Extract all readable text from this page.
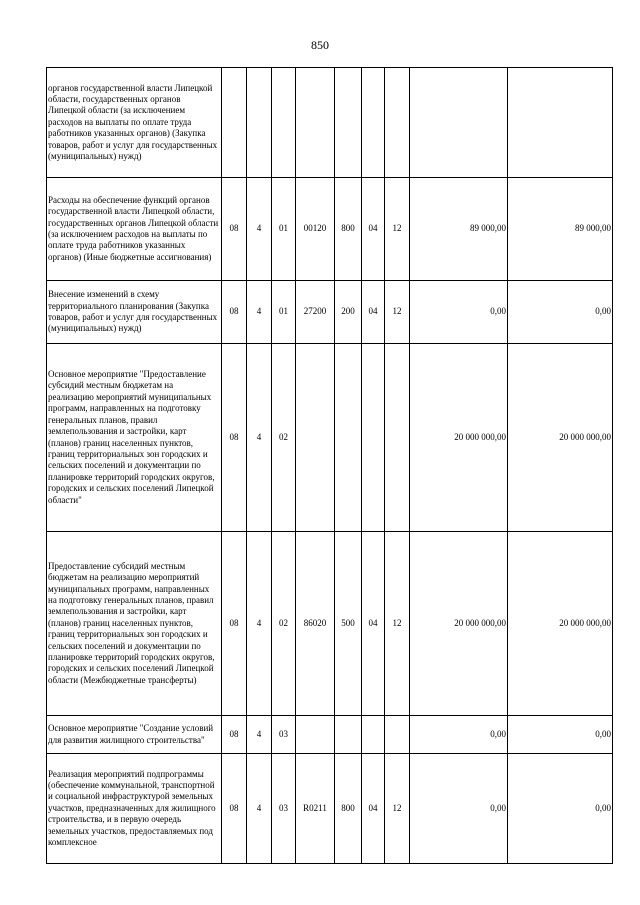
850
органов государственной власти Липецкой области, государственных органов Липецкой области (за исключением расходов на выплаты по оплате труда работников указанных органов) (Закупка товаров, работ и услуг для государственных (муниципальных) нужд)									
Расходы на обеспечение функций органов государственной власти Липецкой области, государственных органов Липецкой области (за исключением расходов на выплаты по оплате труда работников указанных органов) (Иные бюджетные ассигнования)	08	4	01	00120	800	04	12	89 000,00	89 000,00
Внесение изменений в схему территориального планирования (Закупка товаров, работ и услуг для государственных (муниципальных) нужд)	08	4	01	27200	200	04	12	0,00	0,00
Основное мероприятие "Предоставление субсидий местным бюджетам на реализацию мероприятий муниципальных программ, направленных на подготовку генеральных планов, правил землепользования и застройки, карт (планов) границ населенных пунктов, границ территориальных зон городских и сельских поселений и документации по планировке территорий городских округов, городских и сельских поселений Липецкой области"	08	4	02					20 000 000,00	20 000 000,00
Предоставление субсидий местным бюджетам на реализацию мероприятий муниципальных программ, направленных на подготовку генеральных планов, правил землепользования и застройки, карт (планов) границ населенных пунктов, границ территориальных зон городских и сельских поселений и документации по планировке территорий городских округов, городских и сельских поселений Липецкой области (Межбюджетные трансферты)	08	4	02	86020	500	04	12	20 000 000,00	20 000 000,00
Основное мероприятие "Создание условий для развития жилищного строительства"	08	4	03					0,00	0,00
Реализация мероприятий подпрограммы (обеспечение коммунальной, транспортной и социальной инфраструктурой земельных участков, предназначенных для жилищного строительства, и в первую очередь земельных участков, предоставляемых под комплексное	08	4	03	R0211	800	04	12	0,00	0,00
